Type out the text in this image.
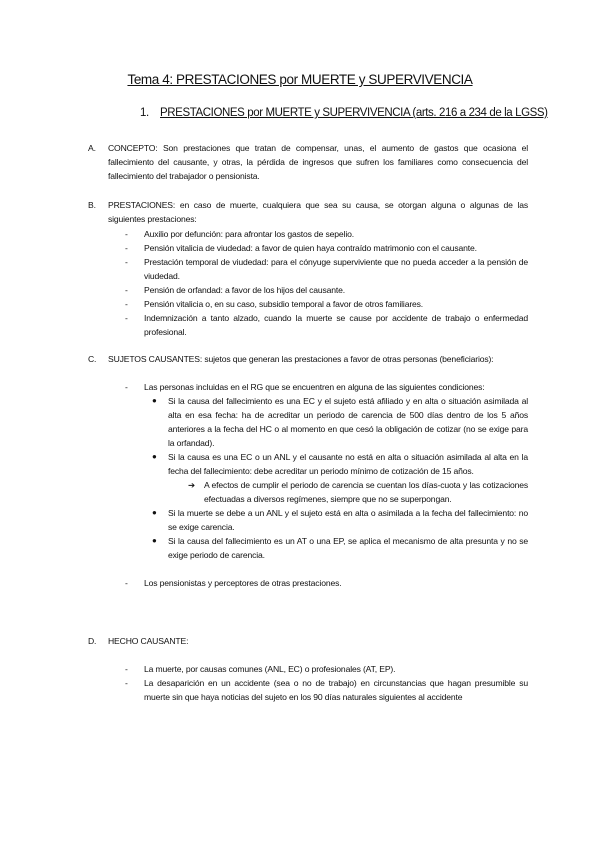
Tema 4: PRESTACIONES por MUERTE y SUPERVIVENCIA
1. PRESTACIONES por MUERTE y SUPERVIVENCIA (arts. 216 a 234 de la LGSS)
A.	CONCEPTO: Son prestaciones que tratan de compensar, unas, el aumento de gastos que ocasiona el fallecimiento del causante, y otras, la pérdida de ingresos que sufren los familiares como consecuencia del fallecimiento del trabajador o pensionista.
B.	PRESTACIONES: en caso de muerte, cualquiera que sea su causa, se otorgan alguna o algunas de las siguientes prestaciones:
- Auxilio por defunción: para afrontar los gastos de sepelio.
- Pensión vitalicia de viudedad: a favor de quien haya contraído matrimonio con el causante.
- Prestación temporal de viudedad: para el cónyuge superviviente que no pueda acceder a la pensión de viudedad.
- Pensión de orfandad: a favor de los hijos del causante.
- Pensión vitalicia o, en su caso, subsidio temporal a favor de otros familiares.
- Indemnización a tanto alzado, cuando la muerte se cause por accidente de trabajo o enfermedad profesional.
C.	SUJETOS CAUSANTES: sujetos que generan las prestaciones a favor de otras personas (beneficiarios):
- Las personas incluidas en el RG que se encuentren en alguna de las siguientes condiciones:
● Si la causa del fallecimiento es una EC y el sujeto está afiliado y en alta o situación asimilada al alta en esa fecha: ha de acreditar un periodo de carencia de 500 días dentro de los 5 años anteriores a la fecha del HC o al momento en que cesó la obligación de cotizar (no se exige para la orfandad).
● Si la causa es una EC o un ANL y el causante no está en alta o situación asimilada al alta en la fecha del fallecimiento: debe acreditar un periodo mínimo de cotización de 15 años.
➔ A efectos de cumplir el periodo de carencia se cuentan los días-cuota y las cotizaciones efectuadas a diversos regímenes, siempre que no se superpongan.
● Si la muerte se debe a un ANL y el sujeto está en alta o asimilada a la fecha del fallecimiento: no se exige carencia.
● Si la causa del fallecimiento es un AT o una EP, se aplica el mecanismo de alta presunta y no se exige periodo de carencia.
- Los pensionistas y perceptores de otras prestaciones.
D.	HECHO CAUSANTE:
- La muerte, por causas comunes (ANL, EC) o profesionales (AT, EP).
- La desaparición en un accidente (sea o no de trabajo) en circunstancias que hagan presumible su muerte sin que haya noticias del sujeto en los 90 días naturales siguientes al accidente
